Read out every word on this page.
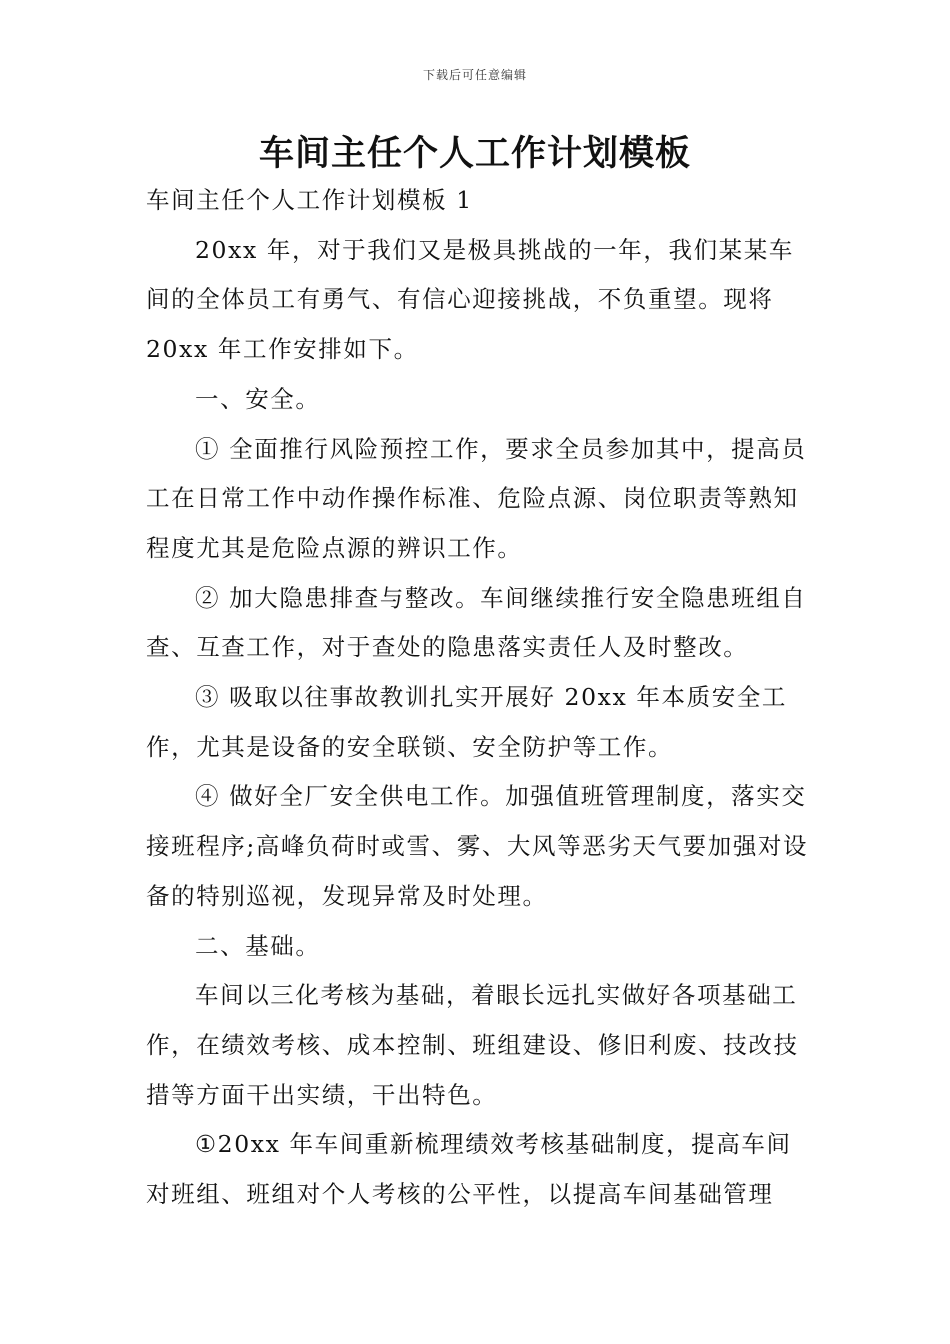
下载后可任意编辑
车间主任个人工作计划模板

车间主任个人工作计划模板 1

20xx 年，对于我们又是极具挑战的一年，我们某某车间的全体员工有勇气、有信心迎接挑战，不负重望。现将 20xx 年工作安排如下。

一、安全。

① 全面推行风险预控工作，要求全员参加其中，提高员工在日常工作中动作操作标准、危险点源、岗位职责等熟知程度尤其是危险点源的辨识工作。

② 加大隐患排查与整改。车间继续推行安全隐患班组自查、互查工作，对于查处的隐患落实责任人及时整改。

③ 吸取以往事故教训扎实开展好 20xx 年本质安全工作，尤其是设备的安全联锁、安全防护等工作。

④ 做好全厂安全供电工作。加强值班管理制度，落实交接班程序;高峰负荷时或雪、雾、大风等恶劣天气要加强对设备的特别巡视，发现异常及时处理。

二、基础。

车间以三化考核为基础，着眼长远扎实做好各项基础工作，在绩效考核、成本控制、班组建设、修旧利废、技改技措等方面干出实绩，干出特色。

①20xx 年车间重新梳理绩效考核基础制度，提高车间对班组、班组对个人考核的公平性，以提高车间基础管理
